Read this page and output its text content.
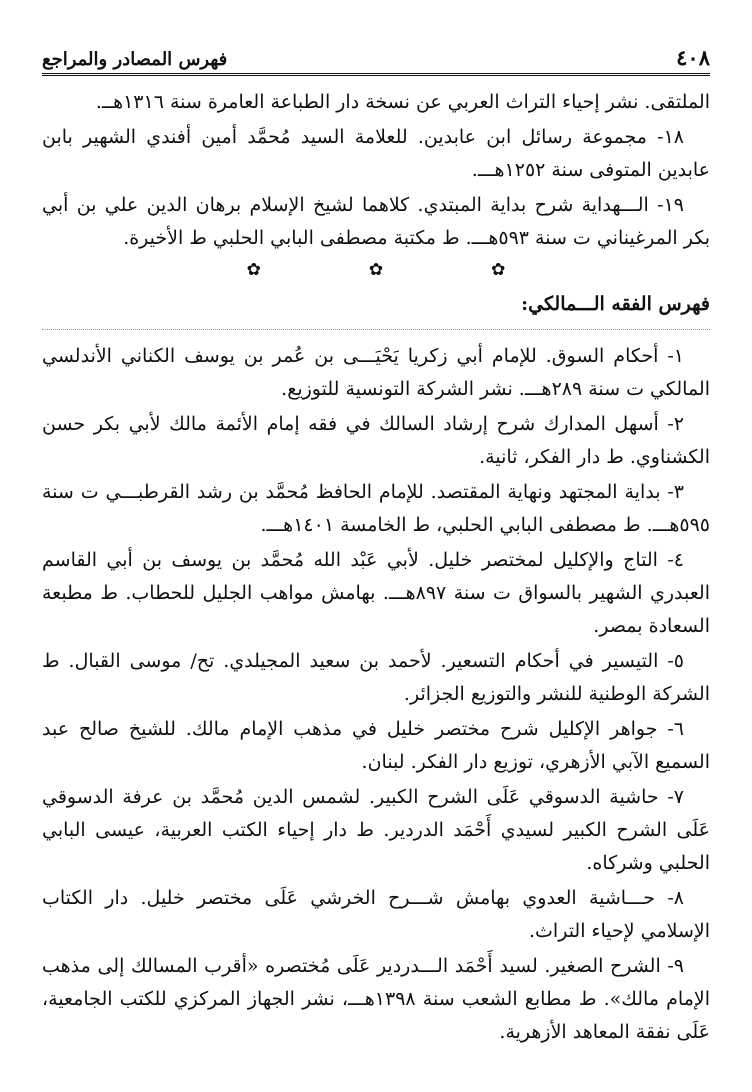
٤٠٨
فهرس المصادر والمراجع

الملتقى. نشر إحياء التراث العربي عن نسخة دار الطباعة العامرة سنة ١٣١٦هــ.

١٨- مجموعة رسائل ابن عابدين. للعلامة السيد مُحمَّد أمين أفندي الشهير بابن عابدين المتوفى سنة ١٢٥٢هـــ.

١٩- الـــهداية شرح بداية المبتدي. كلاهما لشيخ الإسلام برهان الدين علي بن أبي بكر المرغيناني ت سنة ٥٩٣هـــ. ط مكتبة مصطفى البابي الحلبي ط الأخيرة.

✿
✿
✿
فهرس الفقه الـــمالكي:

١- أحكام السوق. للإمام أبي زكريا يَحْيَـــى بن عُمر بن يوسف الكناني الأندلسي المالكي ت سنة ٢٨٩هـــ. نشر الشركة التونسية للتوزيع.

٢- أسهل المدارك شرح إرشاد السالك في فقه إمام الأئمة مالك لأبي بكر حسن الكشناوي. ط دار الفكر، ثانية.

٣- بداية المجتهد ونهاية المقتصد. للإمام الحافظ مُحمَّد بن رشد القرطبـــي ت سنة ٥٩٥هـــ. ط مصطفى البابي الحلبي، ط الخامسة ١٤٠١هـــ.

٤- التاج والإكليل لمختصر خليل. لأبي عَبْد الله مُحمَّد بن يوسف بن أبي القاسم العبدري الشهير بالسواق ت سنة ٨٩٧هـــ. بهامش مواهب الجليل للحطاب. ط مطبعة السعادة بمصر.

٥- التيسير في أحكام التسعير. لأحمد بن سعيد المجيلدي. تح/ موسى القبال. ط الشركة الوطنية للنشر والتوزيع الجزائر.

٦- جواهر الإكليل شرح مختصر خليل في مذهب الإمام مالك. للشيخ صالح عبد السميع الآبي الأزهري، توزيع دار الفكر. لبنان.

٧- حاشية الدسوقي عَلَى الشرح الكبير. لشمس الدين مُحمَّد بن عرفة الدسوقي عَلَى الشرح الكبير لسيدي أَحْمَد الدردير. ط دار إحياء الكتب العربية، عيسى البابي الحلبي وشركاه.

٨- حـــاشية العدوي بهامش شـــرح الخرشي عَلَى مختصر خليل. دار الكتاب الإسلامي لإحياء التراث.

٩- الشرح الصغير. لسيد أَحْمَد الـــدردير عَلَى مُختصره «أقرب المسالك إلى مذهب الإمام مالك». ط مطابع الشعب سنة ١٣٩٨هـــ، نشر الجهاز المركزي للكتب الجامعية، عَلَى نفقة المعاهد الأزهرية.
